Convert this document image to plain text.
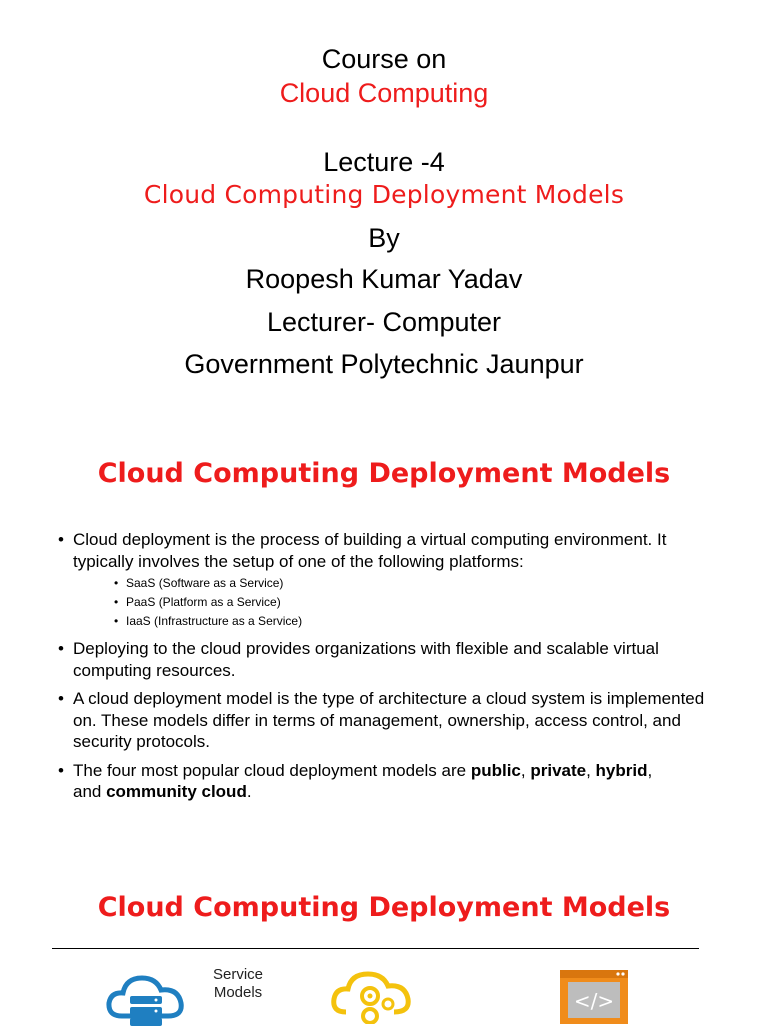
Course on
Cloud Computing
Lecture -4
Cloud Computing Deployment Models
By
Roopesh Kumar Yadav
Lecturer- Computer
Government Polytechnic Jaunpur
Cloud Computing Deployment Models
• Cloud deployment is the process of building a virtual computing environment. It typically involves the setup of one of the following platforms:
• SaaS (Software as a Service)
• PaaS (Platform as a Service)
• IaaS (Infrastructure as a Service)
• Deploying to the cloud provides organizations with flexible and scalable virtual computing resources.
• A cloud deployment model is the type of architecture a cloud system is implemented on. These models differ in terms of management, ownership, access control, and security protocols.
• The four most popular cloud deployment models are public, private, hybrid,
and community cloud.
Cloud Computing Deployment Models
Service
Models	</>
